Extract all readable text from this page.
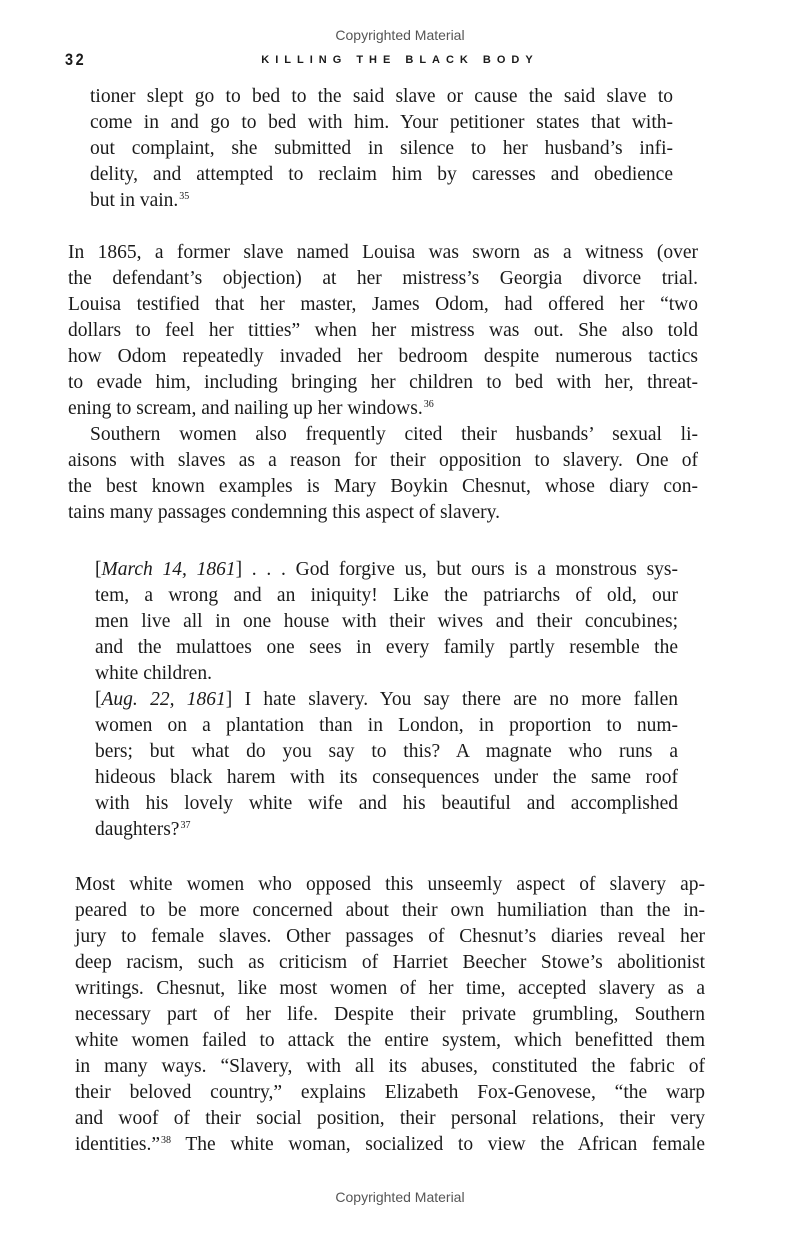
Copyrighted Material
32	KILLING THE BLACK BODY
tioner slept go to bed to the said slave or cause the said slave to
come in and go to bed with him. Your petitioner states that with-
out complaint, she submitted in silence to her husband’s infi-
delity, and attempted to reclaim him by caresses and obedience
but in vain.$^{35}$
In 1865, a former slave named Louisa was sworn as a witness (over
the defendant’s objection) at her mistress’s Georgia divorce trial.
Louisa testified that her master, James Odom, had offered her “two
dollars to feel her titties” when her mistress was out. She also told
how Odom repeatedly invaded her bedroom despite numerous tactics
to evade him, including bringing her children to bed with her, threat-
ening to scream, and nailing up her windows.$^{36}$
Southern women also frequently cited their husbands’ sexual li-
aisons with slaves as a reason for their opposition to slavery. One of
the best known examples is Mary Boykin Chesnut, whose diary con-
tains many passages condemning this aspect of slavery.
[March 14, 1861] . . . God forgive us, but ours is a monstrous sys-
tem, a wrong and an iniquity! Like the patriarchs of old, our
men live all in one house with their wives and their concubines;
and the mulattoes one sees in every family partly resemble the
white children.
[Aug. 22, 1861] I hate slavery. You say there are no more fallen
women on a plantation than in London, in proportion to num-
bers; but what do you say to this? A magnate who runs a
hideous black harem with its consequences under the same roof
with his lovely white wife and his beautiful and accomplished
daughters?$^{37}$
Most white women who opposed this unseemly aspect of slavery ap-
peared to be more concerned about their own humiliation than the in-
jury to female slaves. Other passages of Chesnut’s diaries reveal her
deep racism, such as criticism of Harriet Beecher Stowe’s abolitionist
writings. Chesnut, like most women of her time, accepted slavery as a
necessary part of her life. Despite their private grumbling, Southern
white women failed to attack the entire system, which benefitted them
in many ways. “Slavery, with all its abuses, constituted the fabric of
their beloved country,” explains Elizabeth Fox-Genovese, “the warp
and woof of their social position, their personal relations, their very
identities.”$^{38}$ The white woman, socialized to view the African female
Copyrighted Material
